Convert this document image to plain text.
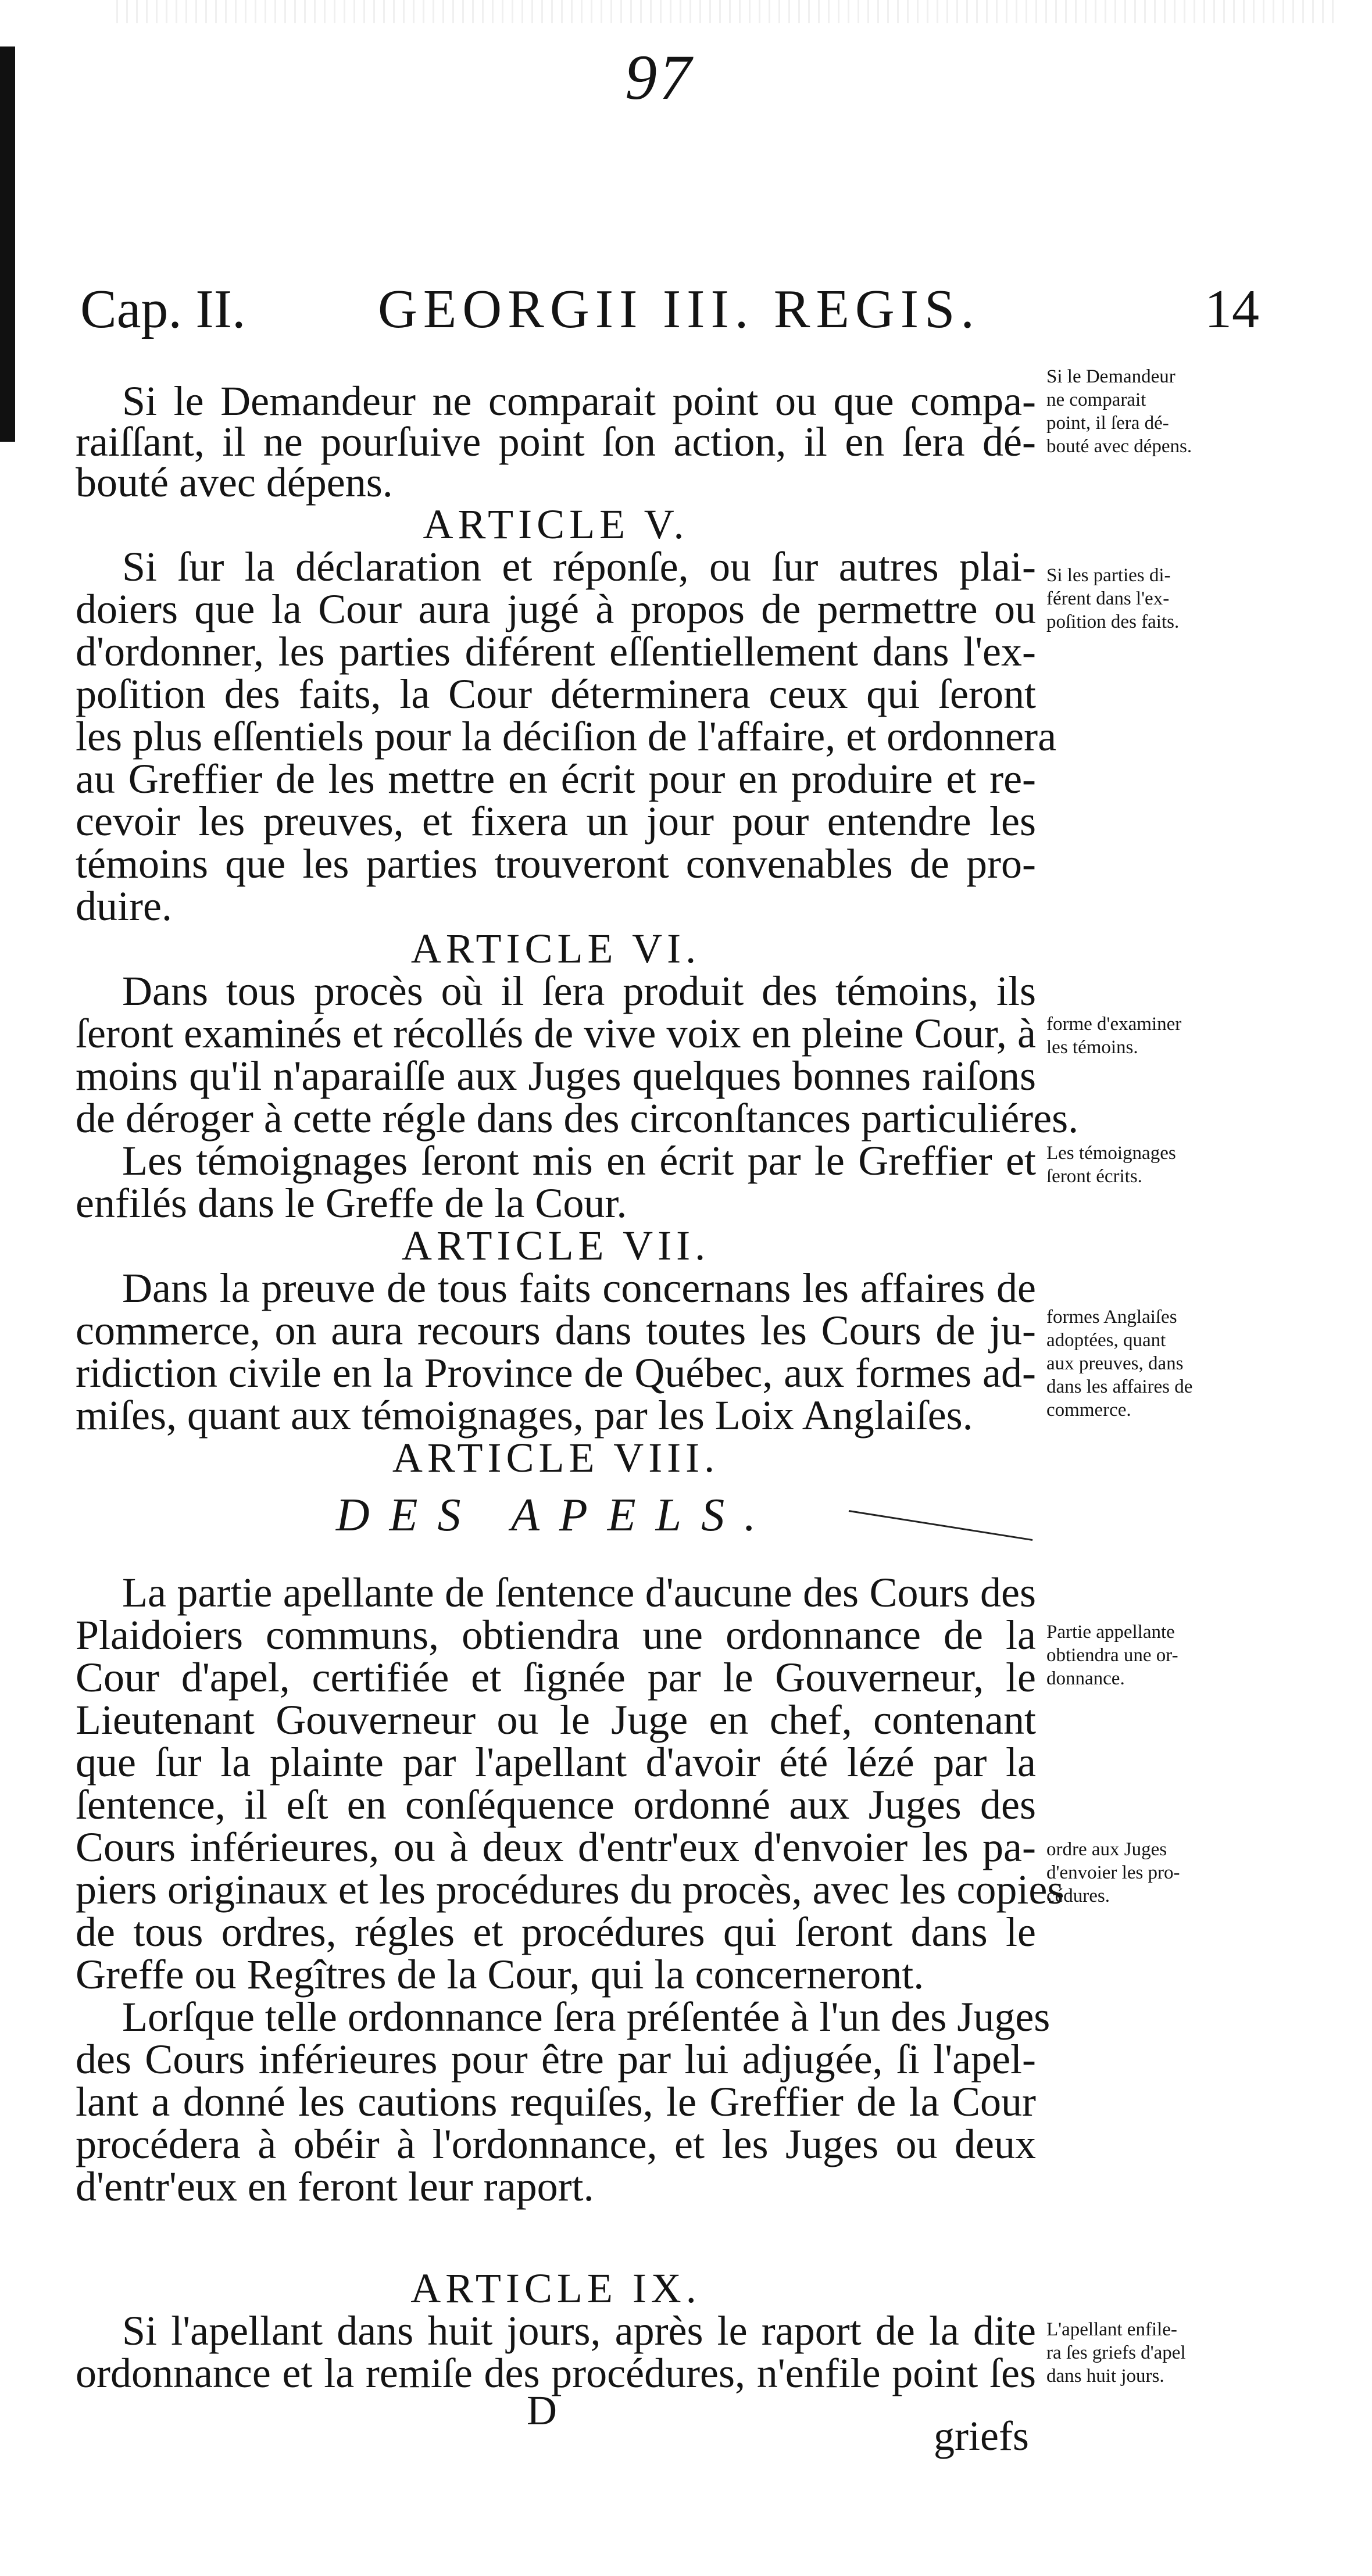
97
Cap. II. GEORGII III. REGIS.	14
Si le Demandeur ne comparait point ou que compa-
raiſſant, il ne pourſuive point ſon action, il en ſera dé-
bouté avec dépens.
ARTICLE V.
Si ſur la déclaration et réponſe, ou ſur autres plai-
doiers que la Cour aura jugé à propos de permettre ou
d'ordonner, les parties diférent eſſentiellement dans l'ex-
poſition des faits, la Cour déterminera ceux qui ſeront
les plus eſſentiels pour la déciſion de l'affaire, et ordonnera
au Greffier de les mettre en écrit pour en produire et re-
cevoir les preuves, et fixera un jour pour entendre les
témoins que les parties trouveront convenables de pro-
duire.
ARTICLE VI.
Dans tous procès où il ſera produit des témoins, ils
ſeront examinés et récollés de vive voix en pleine Cour, à
moins qu'il n'aparaiſſe aux Juges quelques bonnes raiſons
de déroger à cette régle dans des circonſtances particuliéres.
Les témoignages ſeront mis en écrit par le Greffier et
enfilés dans le Greffe de la Cour.
ARTICLE VII.
Dans la preuve de tous faits concernans les affaires de
commerce, on aura recours dans toutes les Cours de ju-
ridiction civile en la Province de Québec, aux formes ad-
miſes, quant aux témoignages, par les Loix Anglaiſes.
ARTICLE VIII.
DES APELS.
La partie apellante de ſentence d'aucune des Cours des
Plaidoiers communs, obtiendra une ordonnance de la
Cour d'apel, certifiée et ſignée par le Gouverneur, le
Lieutenant Gouverneur ou le Juge en chef, contenant
que ſur la plainte par l'apellant d'avoir été lézé par la
ſentence, il eſt en conſéquence ordonné aux Juges des
Cours inférieures, ou à deux d'entr'eux d'envoier les pa-
piers originaux et les procédures du procès, avec les copies
de tous ordres, régles et procédures qui ſeront dans le
Greffe ou Regîtres de la Cour, qui la concerneront.
Lorſque telle ordonnance ſera préſentée à l'un des Juges
des Cours inférieures pour être par lui adjugée, ſi l'apel-
lant a donné les cautions requiſes, le Greffier de la Cour
procédera à obéir à l'ordonnance, et les Juges ou deux
d'entr'eux en feront leur raport.
ARTICLE IX.
Si l'apellant dans huit jours, après le raport de la dite
ordonnance et la remiſe des procédures, n'enfile point ſes
D
griefs
Si le Demandeur
ne comparait
point, il ſera dé-
bouté avec dépens.
Si les parties di-
férent dans l'ex-
poſition des faits.
forme d'examiner
les témoins.
Les témoignages
ſeront écrits.
formes Anglaiſes
adoptées, quant
aux preuves, dans
dans les affaires de
commerce.
Partie appellante
obtiendra une or-
donnance.
ordre aux Juges
d'envoier les pro-
cédures.
L'apellant enfile-
ra ſes griefs d'apel
dans huit jours.
